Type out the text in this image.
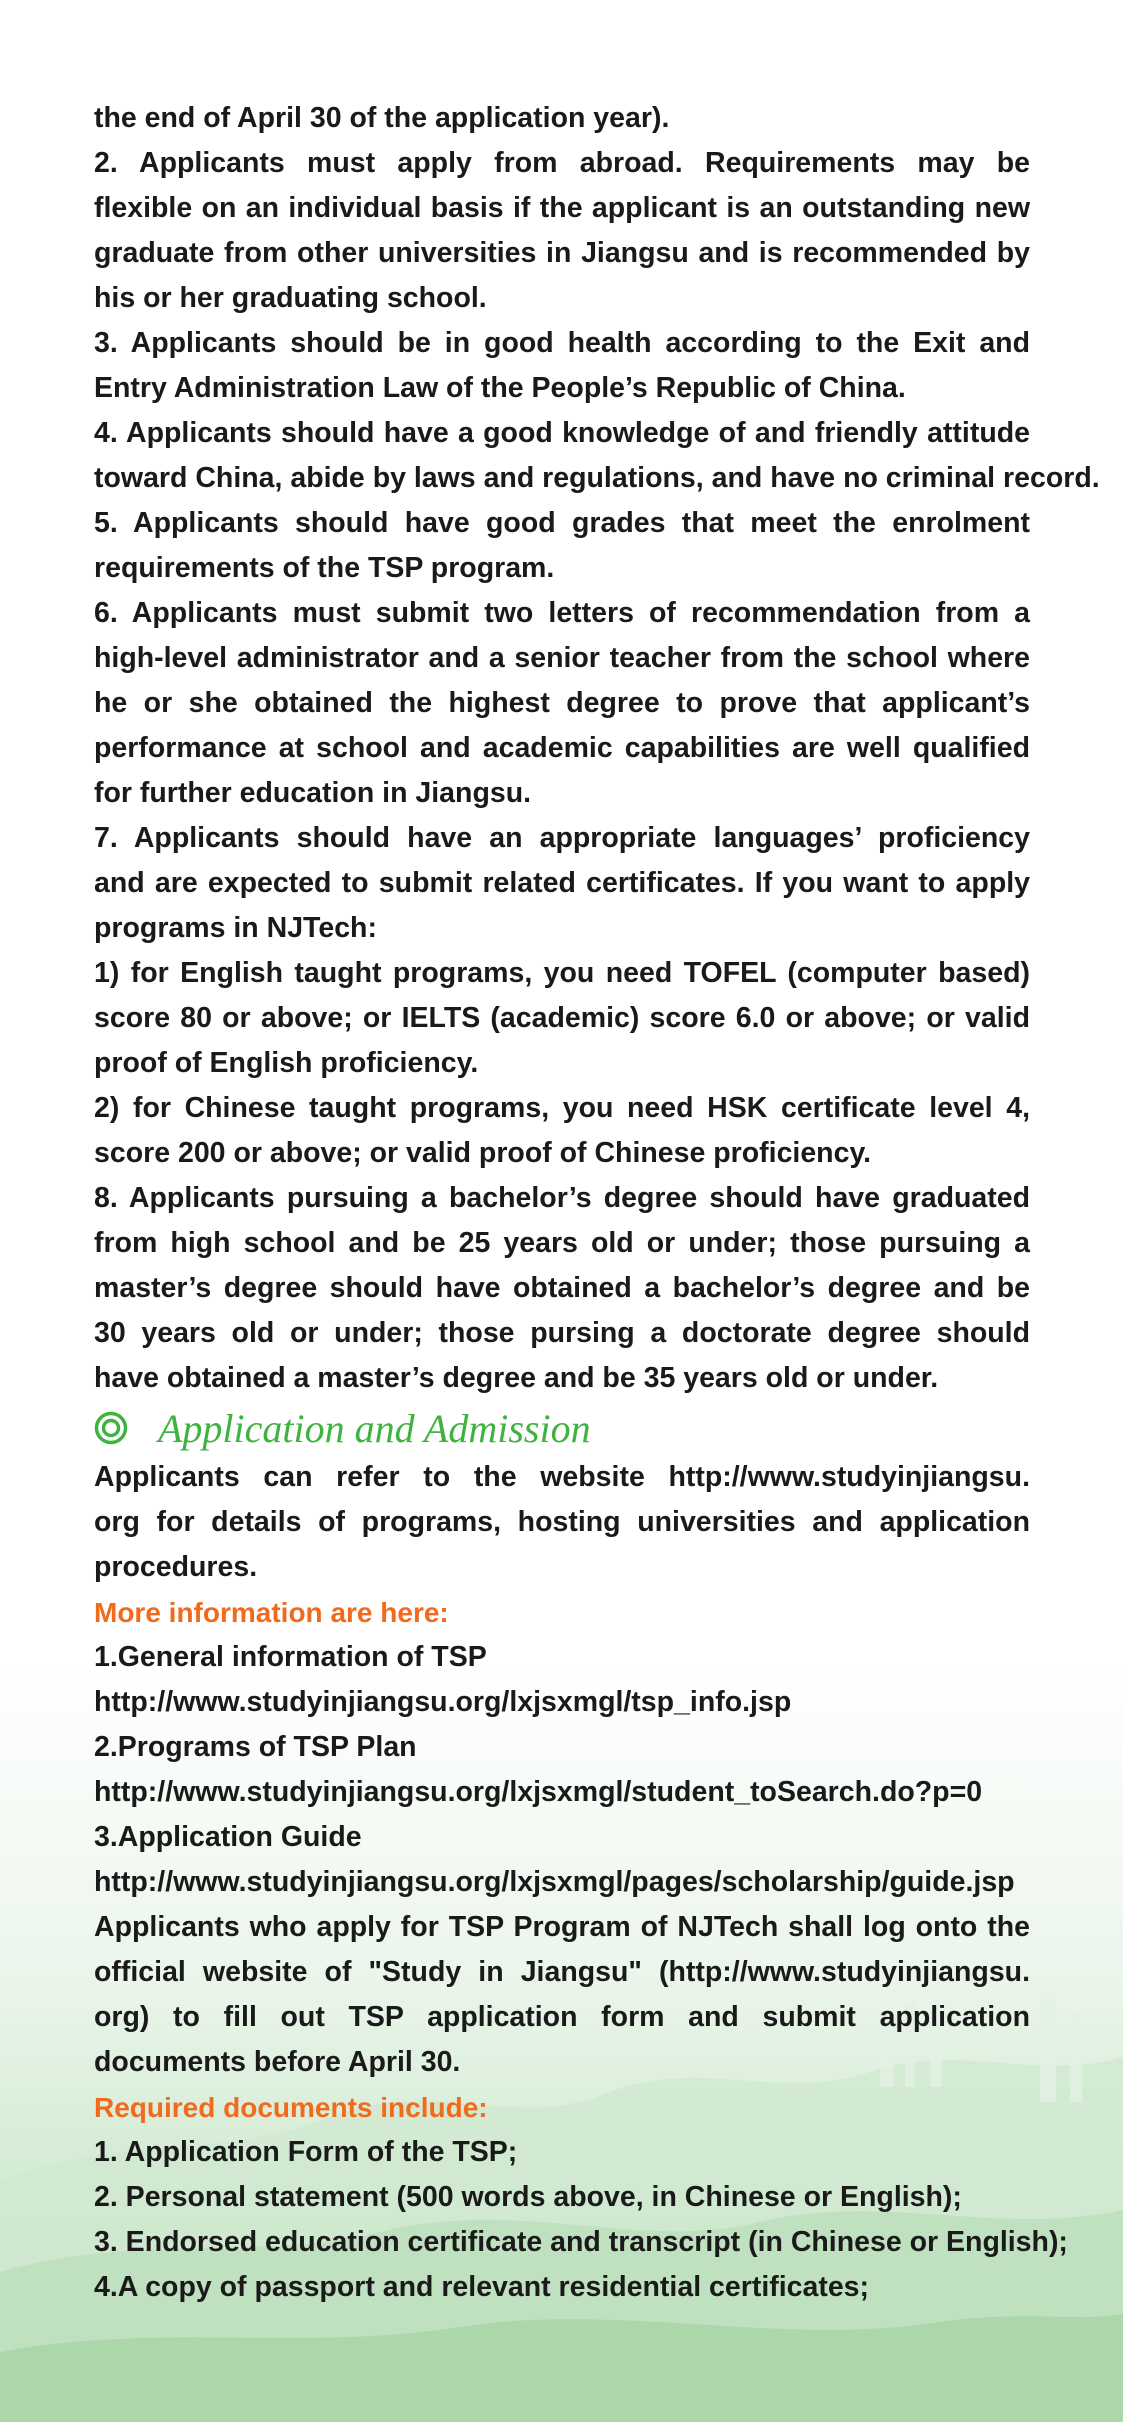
the end of April 30 of the application year).
2. Applicants must apply from abroad. Requirements may be
flexible on an individual basis if the applicant is an outstanding new
graduate from other universities in Jiangsu and is recommended by
his or her graduating school.
3. Applicants should be in good health according to the Exit and
Entry Administration Law of the People’s Republic of China.
4. Applicants should have a good knowledge of and friendly attitude
toward China, abide by laws and regulations, and have no criminal record.
5. Applicants should have good grades that meet the enrolment
requirements of the TSP program.
6. Applicants must submit two letters of recommendation from a
high-level administrator and a senior teacher from the school where
he or she obtained the highest degree to prove that applicant’s
performance at school and academic capabilities are well qualified
for further education in Jiangsu.
7. Applicants should have an appropriate languages’ proficiency
and are expected to submit related certificates. If you want to apply
programs in NJTech:
1) for English taught programs, you need TOFEL (computer based)
score 80 or above; or IELTS (academic) score 6.0 or above; or valid
proof of English proficiency.
2) for Chinese taught programs, you need HSK certificate level 4,
score 200 or above; or valid proof of Chinese proficiency.
8. Applicants pursuing a bachelor’s degree should have graduated
from high school and be 25 years old or under; those pursuing a
master’s degree should have obtained a bachelor’s degree and be
30 years old or under; those pursing a doctorate degree should
have obtained a master’s degree and be 35 years old or under.
Application and Admission
Applicants can refer to the website http://www.studyinjiangsu.
org for details of programs, hosting universities and application
procedures.
More information are here:
1.General information of TSP
http://www.studyinjiangsu.org/lxjsxmgl/tsp_info.jsp
2.Programs of TSP Plan
http://www.studyinjiangsu.org/lxjsxmgl/student_toSearch.do?p=0
3.Application Guide
http://www.studyinjiangsu.org/lxjsxmgl/pages/scholarship/guide.jsp
Applicants who apply for TSP Program of NJTech shall log onto the
official website of "Study in Jiangsu" (http://www.studyinjiangsu.
org) to fill out TSP application form and submit application
documents before April 30.
Required documents include:
1. Application Form of the TSP;
2. Personal statement (500 words above, in Chinese or English);
3. Endorsed education certificate and transcript (in Chinese or English);
4.A copy of passport and relevant residential certificates;
